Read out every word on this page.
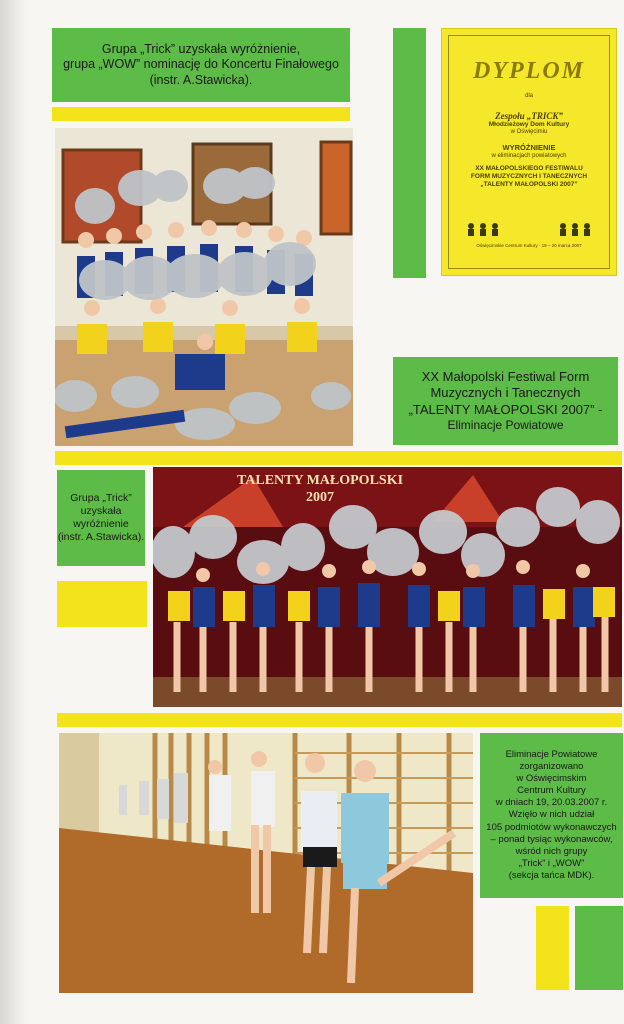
Grupa „Trick” uzyskała wyróżnienie,
grupa „WOW” nominację do Koncertu Finałowego
(instr. A.Stawicka).	DYPLOM
dla
Zespołu „TRICK”
Młodzieżowy Dom Kultury
w Oświęcimiu
WYRÓŻNIENIE
w eliminacjach powiatowych
XX MAŁOPOLSKIEGO FESTIWALU
FORM MUZYCZNYCH I TANECZNYCH
„TALENTY MAŁOPOLSKI 2007”
Oświęcimskie Centrum Kultury · 19 – 20 marca 2007
XX Małopolski Festiwal Form
Muzycznych i Tanecznych
„TALENTY MAŁOPOLSKI 2007” -
Eliminacje Powiatowe
Grupa „Trick”
uzyskała
wyróżnienie
(instr. A.Stawicka).
TALENTY MAŁOPOLSKI
2007
Eliminacje Powiatowe
zorganizowano
w Oświęcimskim
Centrum Kultury
w dniach 19, 20.03.2007 r.
Wzięło w nich udział
105 podmiotów wykonawczych
– ponad tysiąc wykonawców,
wśród nich grupy
„Trick” i „WOW”
(sekcja tańca MDK).
